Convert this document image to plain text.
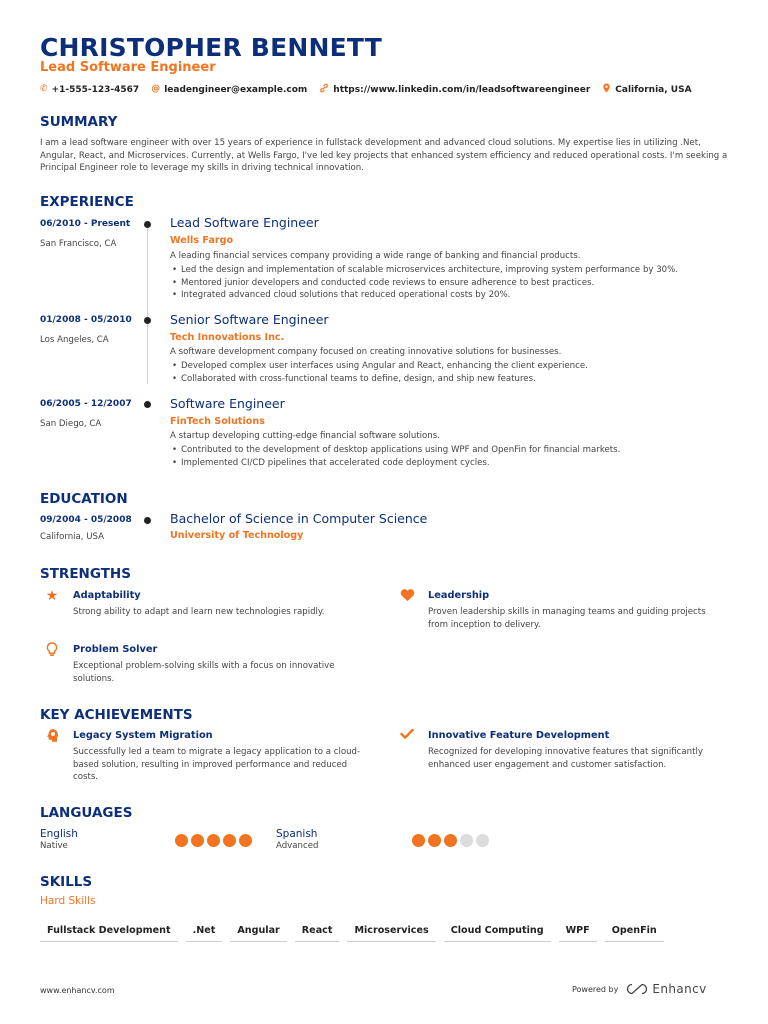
CHRISTOPHER BENNETT
Lead Software Engineer
✆ +1-555-123-4567 @ leadengineer@example.com	https://www.linkedin.com/in/leadsoftwareengineer	California, USA
SUMMARY
I am a lead software engineer with over 15 years of experience in fullstack development and advanced cloud solutions. My expertise lies in utilizing .Net, Angular, React, and Microservices. Currently, at Wells Fargo, I've led key projects that enhanced system efficiency and reduced operational costs. I'm seeking a Principal Engineer role to leverage my skills in driving technical innovation.
EXPERIENCE
06/2010 - Present
San Francisco, CA
Lead Software Engineer
Wells Fargo
A leading financial services company providing a wide range of banking and financial products.
• Led the design and implementation of scalable microservices architecture, improving system performance by 30%.
• Mentored junior developers and conducted code reviews to ensure adherence to best practices.
• Integrated advanced cloud solutions that reduced operational costs by 20%.
01/2008 - 05/2010
Los Angeles, CA
Senior Software Engineer
Tech Innovations Inc.
A software development company focused on creating innovative solutions for businesses.
• Developed complex user interfaces using Angular and React, enhancing the client experience.
• Collaborated with cross-functional teams to define, design, and ship new features.
06/2005 - 12/2007
San Diego, CA
Software Engineer
FinTech Solutions
A startup developing cutting-edge financial software solutions.
• Contributed to the development of desktop applications using WPF and OpenFin for financial markets.
• Implemented CI/CD pipelines that accelerated code deployment cycles.
EDUCATION
09/2004 - 05/2008
California, USA
Bachelor of Science in Computer Science
University of Technology
STRENGTHS
★ Adaptability
Strong ability to adapt and learn new technologies rapidly.
Leadership
Proven leadership skills in managing teams and guiding projects from inception to delivery.
Problem Solver
Exceptional problem-solving skills with a focus on innovative solutions.
KEY ACHIEVEMENTS
Legacy System Migration
Successfully led a team to migrate a legacy application to a cloud-based solution, resulting in improved performance and reduced costs.
Innovative Feature Development
Recognized for developing innovative features that significantly enhanced user engagement and customer satisfaction.
LANGUAGES
English
Native
Spanish
Advanced
SKILLS
Hard Skills
Fullstack Development	.Net	Angular	React	Microservices	Cloud Computing	WPF	OpenFin
www.enhancv.com	Powered by	Enhancv
